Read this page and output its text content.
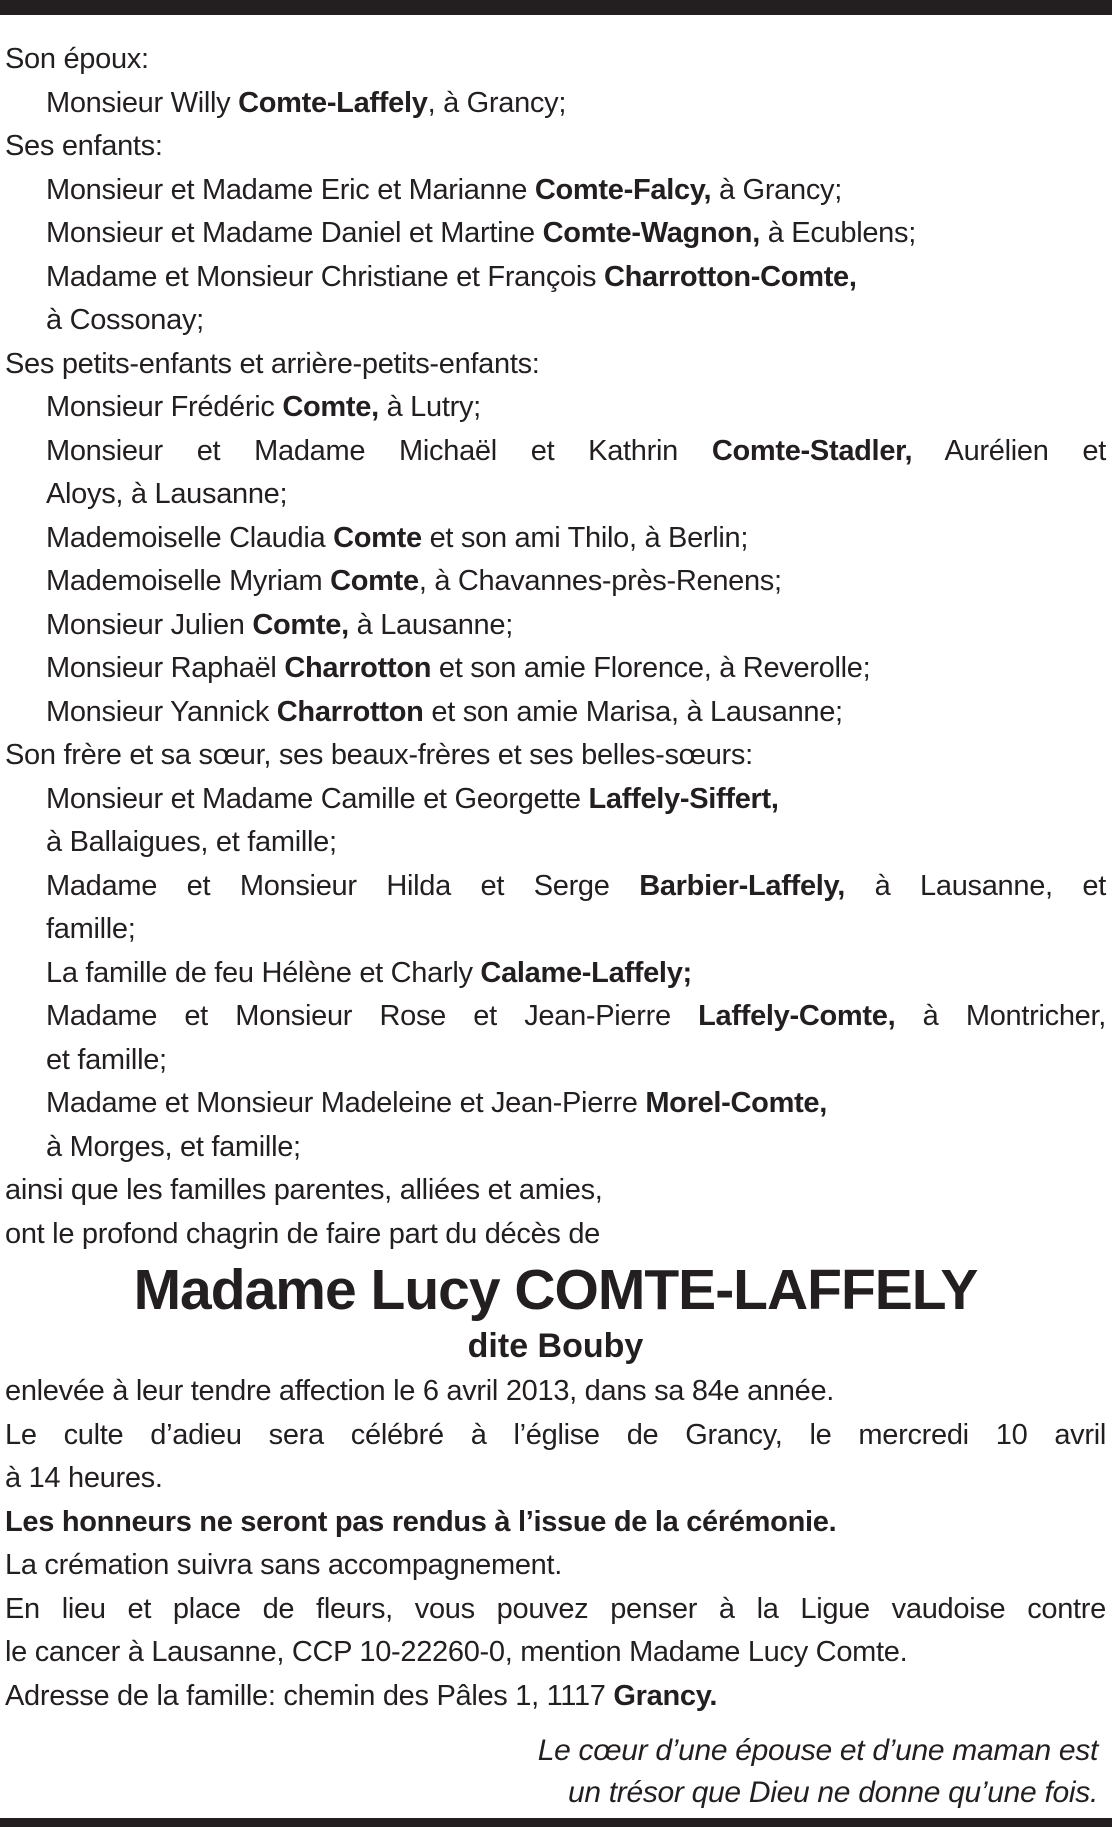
Son époux:
Monsieur Willy Comte-Laffely, à Grancy;
Ses enfants:
Monsieur et Madame Eric et Marianne Comte-Falcy, à Grancy;
Monsieur et Madame Daniel et Martine Comte-Wagnon, à Ecublens;
Madame et Monsieur Christiane et François Charrotton-Comte,
à Cossonay;
Ses petits-enfants et arrière-petits-enfants:
Monsieur Frédéric Comte, à Lutry;
Monsieur et Madame Michaël et Kathrin Comte-Stadler, Aurélien et
Aloys, à Lausanne;
Mademoiselle Claudia Comte et son ami Thilo, à Berlin;
Mademoiselle Myriam Comte, à Chavannes-près-Renens;
Monsieur Julien Comte, à Lausanne;
Monsieur Raphaël Charrotton et son amie Florence, à Reverolle;
Monsieur Yannick Charrotton et son amie Marisa, à Lausanne;
Son frère et sa sœur, ses beaux-frères et ses belles-sœurs:
Monsieur et Madame Camille et Georgette Laffely-Siffert,
à Ballaigues, et famille;
Madame et Monsieur Hilda et Serge Barbier-Laffely, à Lausanne, et
famille;
La famille de feu Hélène et Charly Calame-Laffely;
Madame et Monsieur Rose et Jean-Pierre Laffely-Comte, à Montricher,
et famille;
Madame et Monsieur Madeleine et Jean-Pierre Morel-Comte,
à Morges, et famille;
ainsi que les familles parentes, alliées et amies,
ont le profond chagrin de faire part du décès de
Madame Lucy COMTE-LAFFELY
dite Bouby
enlevée à leur tendre affection le 6 avril 2013, dans sa 84e année.
Le culte d’adieu sera célébré à l’église de Grancy, le mercredi 10 avril
à 14 heures.
Les honneurs ne seront pas rendus à l’issue de la cérémonie.
La crémation suivra sans accompagnement.
En lieu et place de fleurs, vous pouvez penser à la Ligue vaudoise contre
le cancer à Lausanne, CCP 10-22260-0, mention Madame Lucy Comte.
Adresse de la famille: chemin des Pâles 1, 1117 Grancy.
Le cœur d’une épouse et d’une maman est
un trésor que Dieu ne donne qu’une fois.
